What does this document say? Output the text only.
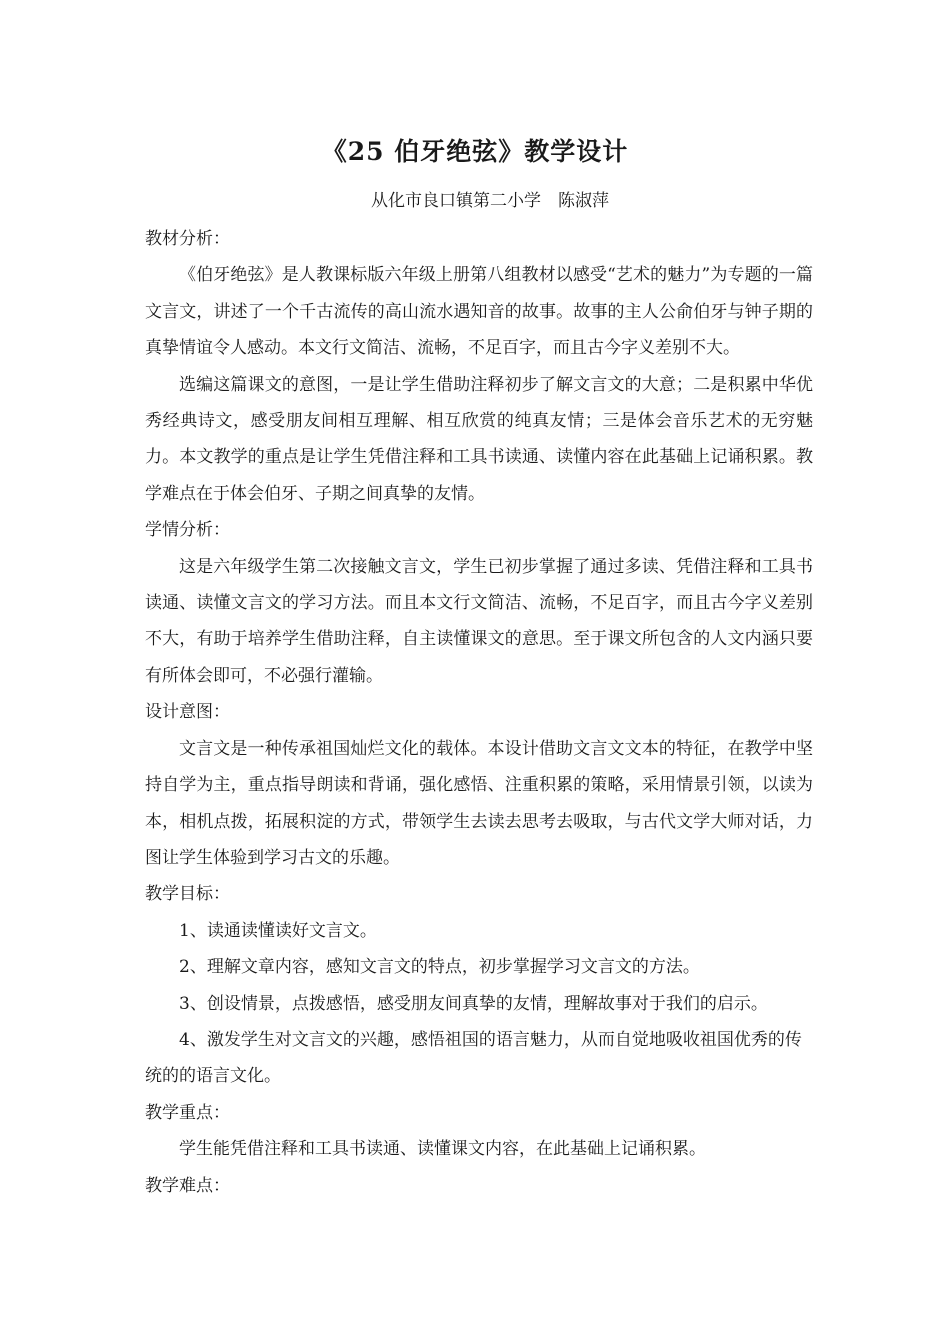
《25 伯牙绝弦》教学设计
从化市良口镇第二小学　陈淑萍

教材分析：

《伯牙绝弦》是人教课标版六年级上册第八组教材以感受“艺术的魅力”为专题的一篇文言文，讲述了一个千古流传的高山流水遇知音的故事。故事的主人公俞伯牙与钟子期的真挚情谊令人感动。本文行文简洁、流畅，不足百字，而且古今字义差别不大。

选编这篇课文的意图，一是让学生借助注释初步了解文言文的大意；二是积累中华优秀经典诗文，感受朋友间相互理解、相互欣赏的纯真友情；三是体会音乐艺术的无穷魅力。本文教学的重点是让学生凭借注释和工具书读通、读懂内容在此基础上记诵积累。教学难点在于体会伯牙、子期之间真挚的友情。

学情分析：

这是六年级学生第二次接触文言文，学生已初步掌握了通过多读、凭借注释和工具书读通、读懂文言文的学习方法。而且本文行文简洁、流畅，不足百字，而且古今字义差别不大，有助于培养学生借助注释，自主读懂课文的意思。至于课文所包含的人文内涵只要有所体会即可，不必强行灌输。

设计意图：

文言文是一种传承祖国灿烂文化的载体。本设计借助文言文文本的特征，在教学中坚持自学为主，重点指导朗读和背诵，强化感悟、注重积累的策略，采用情景引领，以读为本，相机点拨，拓展积淀的方式，带领学生去读去思考去吸取，与古代文学大师对话，力图让学生体验到学习古文的乐趣。

教学目标：

1、读通读懂读好文言文。

2、理解文章内容，感知文言文的特点，初步掌握学习文言文的方法。

3、创设情景，点拨感悟，感受朋友间真挚的友情，理解故事对于我们的启示。

4、激发学生对文言文的兴趣，感悟祖国的语言魅力，从而自觉地吸收祖国优秀的传统的的语言文化。

教学重点：

学生能凭借注释和工具书读通、读懂课文内容，在此基础上记诵积累。

教学难点：
